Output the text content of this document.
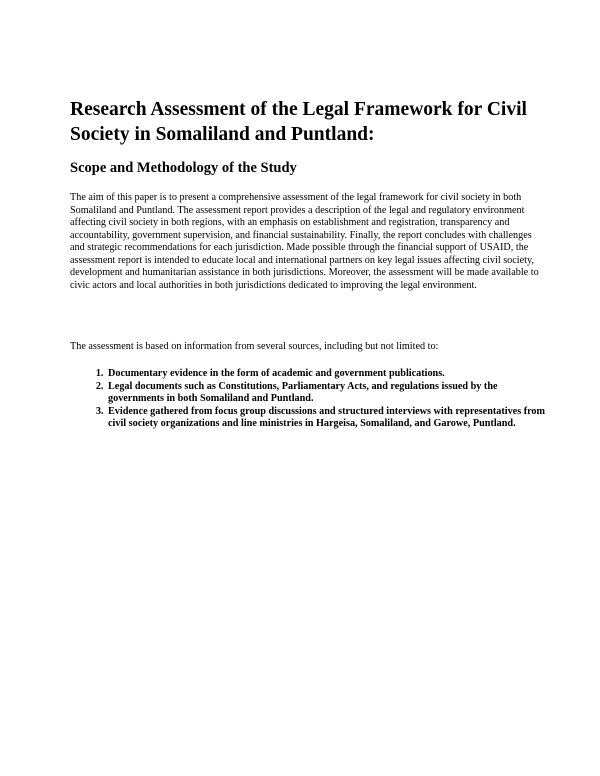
Research Assessment of the Legal Framework for Civil Society in Somaliland and Puntland:
Scope and Methodology of the Study

The aim of this paper is to present a comprehensive assessment of the legal framework for civil society in both Somaliland and Puntland. The assessment report provides a description of the legal and regulatory environment affecting civil society in both regions, with an emphasis on establishment and registration, transparency and accountability, government supervision, and financial sustainability. Finally, the report concludes with challenges and strategic recommendations for each jurisdiction. Made possible through the financial support of USAID, the assessment report is intended to educate local and international partners on key legal issues affecting civil society, development and humanitarian assistance in both jurisdictions. Moreover, the assessment will be made available to civic actors and local authorities in both jurisdictions dedicated to improving the legal environment.

The assessment is based on information from several sources, including but not limited to:

1. Documentary evidence in the form of academic and government publications.
2. Legal documents such as Constitutions, Parliamentary Acts, and regulations issued by the governments in both Somaliland and Puntland.
3. Evidence gathered from focus group discussions and structured interviews with representatives from civil society organizations and line ministries in Hargeisa, Somaliland, and Garowe, Puntland.
